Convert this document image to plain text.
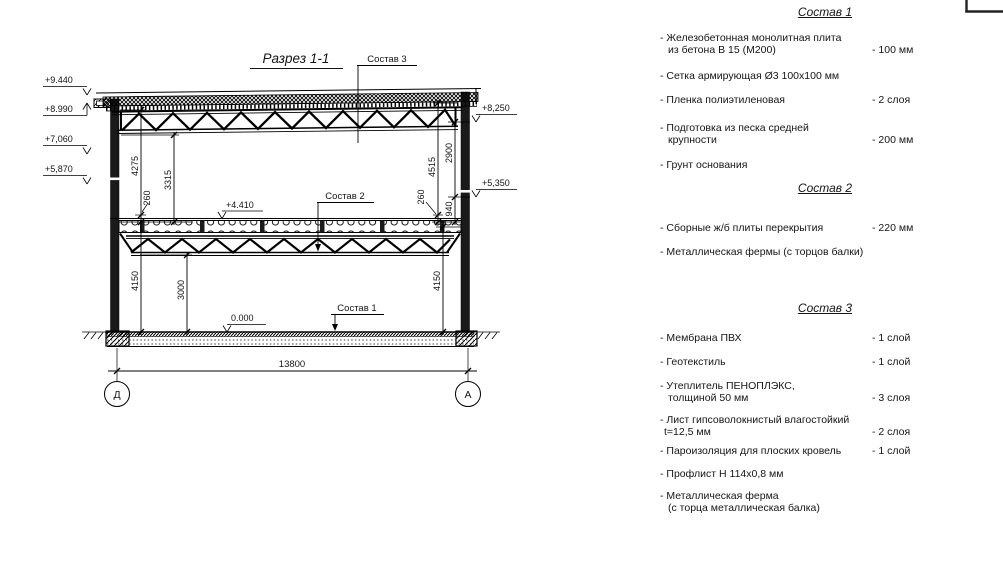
Разрез 1-1
4275
3315
260
4150	3000
4515
2900
260
940
4150
13800
+9.440
+8.990
+7,060
+5,870
+8,250
+5,350
+4.410
0.000
Состав 3
Состав 2
Состав 1
Д	А
Состав 1
- Железобетонная монолитная плита
из бетона В 15 (М200)	- 100 мм
- Сетка армирующая Ø3 100х100 мм
- Пленка полиэтиленовая	- 2 слоя
- Подготовка из песка средней
крупности	- 200 мм
- Грунт основания
Состав 2
- Сборные ж/б плиты перекрытия	- 220 мм
- Металлическая фермы (с торцов балки)
Состав 3
- Мембрана ПВХ	- 1 слой
- Геотекстиль	- 1 слой
- Утеплитель ПЕНОПЛЭКС,
толщиной 50 мм	- 3 слоя
- Лист гипсоволокнистый влагостойкий
t=12,5 мм	- 2 слоя
- Пароизоляция для плоских кровель	- 1 слой
- Профлист Н 114х0,8 мм
- Металлическая ферма
(с торца металлическая балка)
